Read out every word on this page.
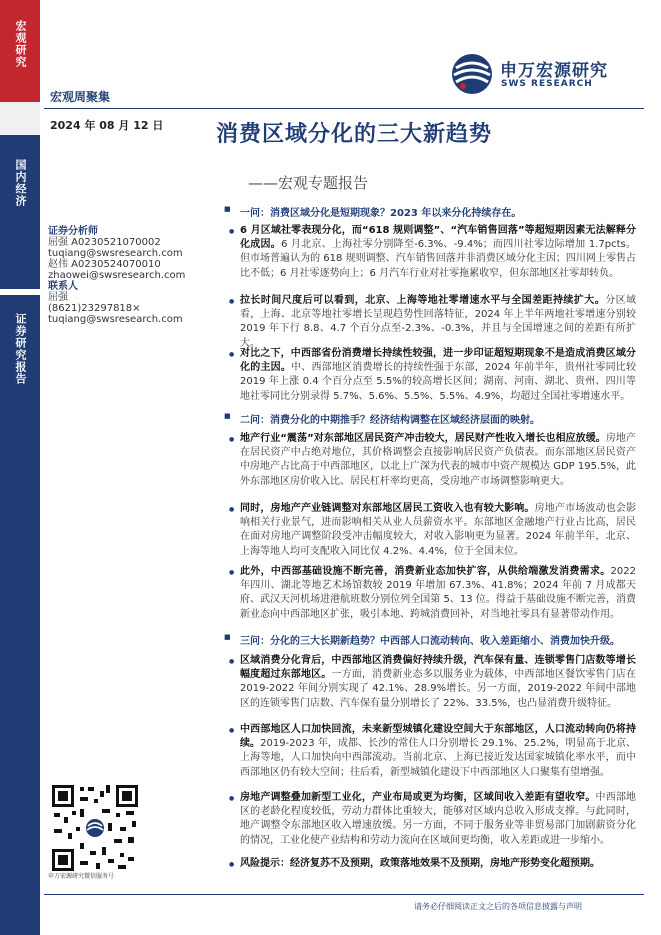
宏观研究
国内经济
证券研究报告
申万宏源研究
SWS RESEARCH
宏观周聚集
2024 年 08 月 12 日 消费区域分化的三大新趋势
——宏观专题报告
证券分析师
屈强 A0230521070002
tuqiang@swsresearch.com
赵伟 A0230524070010
zhaowei@swsresearch.com
联系人
屈强
(8621)23297818×
tuqiang@swsresearch.com
申万宏源研究微信服务号
■ 一问：消费区域分化是短期现象？2023 年以来分化持续存在。
● 6 月区域社零表现分化，而“618 规则调整”、“汽车销售回落”等超短期因素无法解释分化成因。6 月北京、上海社零分别降至-6.3%、-9.4%；而四川社零边际增加 1.7pcts。但市场普遍认为的 618 规则调整、汽车销售回落并非消费区域分化主因；四川网上零售占比不低；6 月社零逐势向上；6 月汽车行业对社零拖累收窄，但东部地区社零却转负。
● 拉长时间尺度后可以看到，北京、上海等地社零增速水平与全国差距持续扩大。分区域看，上海、北京等地社零增长呈现趋势性回落特征，2024 年上半年两地社零增速分别较 2019 年下行 8.8、4.7 个百分点至-2.3%、-0.3%，并且与全国增速之间的差距有所扩大。
● 对比之下，中西部省份消费增长持续性较强，进一步印证超短期现象不是造成消费区域分化的主因。中、西部地区消费增长的持续性强于东部，2024 年前半年，贵州社零同比较 2019 年上涨 0.4 个百分点至 5.5%的较高增长区间；湖南、河南、湖北、贵州、四川等地社零同比分别录得 5.7%、5.6%、5.5%、5.5%、4.9%，均超过全国社零增速水平。
■ 二问：消费分化的中期推手？经济结构调整在区域经济层面的映射。
● 地产行业“震荡”对东部地区居民资产冲击较大，居民财产性收入增长也相应放缓。房地产在居民资产中占绝对地位，其价格调整会直接影响居民资产负债表。而东部地区居民资产中房地产占比高于中西部地区，以北上广深为代表的城市中资产规模达 GDP 195.5%，此外东部地区房价收入比、居民杠杆率均更高，受房地产市场调整影响更大。
● 同时，房地产产业链调整对东部地区居民工资收入也有较大影响。房地产市场波动也会影响相关行业景气，进而影响相关从业人员薪资水平。东部地区金融地产行业占比高，居民在面对房地产调整阶段受冲击幅度较大，对收入影响更为显著。2024 年前半年，北京、上海等地人均可支配收入同比仅 4.2%、4.4%，位于全国末位。
● 此外，中西部基础设施不断完善，消费新业态加快扩容，从供给端激发消费需求。2022 年四川、湖北等地艺术场馆数较 2019 年增加 67.3%、41.8%；2024 年前 7 月成都天府、武汉天河机场进港航班数分别位列全国第 5、13 位。得益于基础设施不断完善，消费新业态向中西部地区扩张，吸引本地、跨城消费回补，对当地社零具有显著带动作用。
■ 三问：分化的三大长期新趋势？中西部人口流动转向、收入差距缩小、消费加快升级。
● 区域消费分化背后，中西部地区消费偏好持续升级，汽车保有量、连锁零售门店数等增长幅度超过东部地区。一方面，消费新业态多以服务业为载体，中西部地区餐饮零售门店在 2019-2022 年间分别实现了 42.1%、28.9%增长。另一方面，2019-2022 年间中部地区的连锁零售门店数、汽车保有量分别增长了 22%、33.5%，也凸显消费升级特征。
● 中西部地区人口加快回流，未来新型城镇化建设空间大于东部地区，人口流动转向仍将持续。2019-2023 年，成都、长沙的常住人口分别增长 29.1%、25.2%，明显高于北京、上海等地，人口加快向中西部流动。当前北京、上海已接近发达国家城镇化率水平，而中西部地区仍有较大空间；往后看，新型城镇化建设下中西部地区人口聚集有望增强。
● 房地产调整叠加新型工业化，产业布局或更为均衡，区域间收入差距有望收窄。中西部地区的老龄化程度较低，劳动力群体比重较大，能够对区域内总收入形成支撑。与此同时，地产调整令东部地区收入增速放缓。另一方面，不同于服务业等非贸易部门加剧薪资分化的情况，工业化使产业结构和劳动力流向在区域间更均衡，收入差距或进一步缩小。
● 风险提示：经济复苏不及预期，政策落地效果不及预期，房地产形势变化超预期。
请务必仔细阅读正文之后的各项信息披露与声明
